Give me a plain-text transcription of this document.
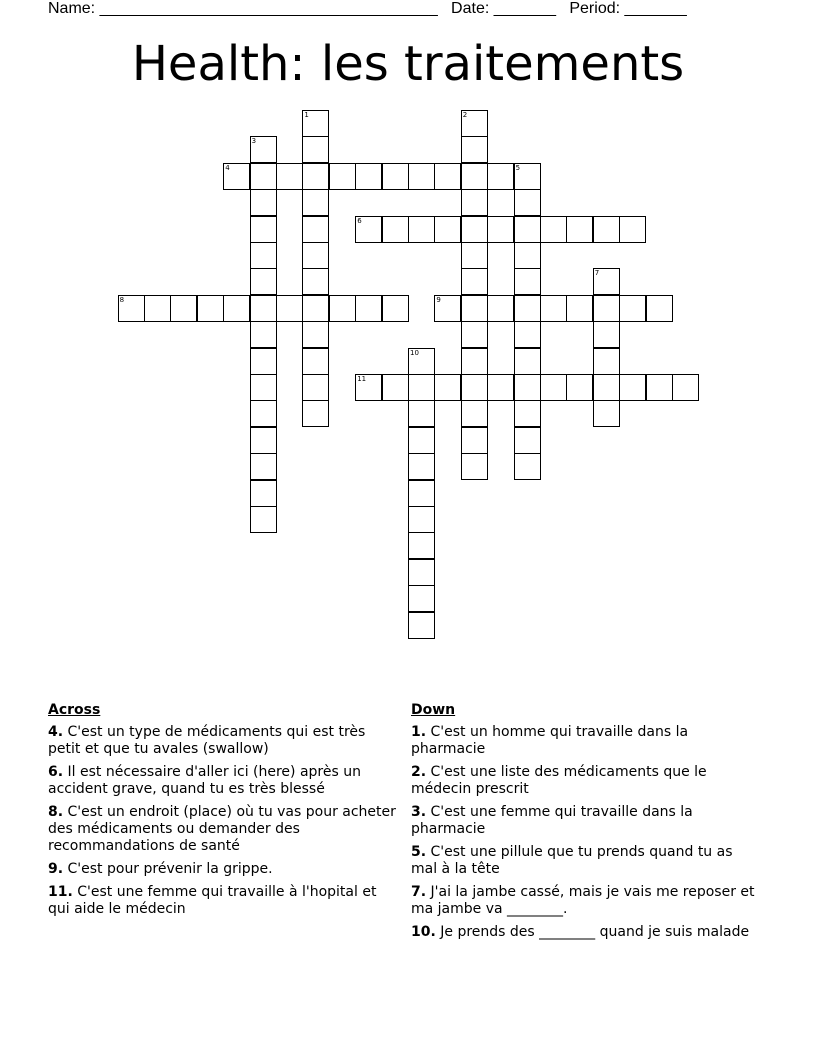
Name: ______________________________________   Date: _______   Period: _______
Health: les traitements
1	2
3
4	5
6
7
8	9
10
11
Across
4. C'est un type de médicaments qui est très petit et que tu avales (swallow)
6. Il est nécessaire d'aller ici (here) après un accident grave, quand tu es très blessé
8. C'est un endroit (place) où tu vas pour acheter des médicaments ou demander des recommandations de santé
9. C'est pour prévenir la grippe.
11. C'est une femme qui travaille à l'hopital et qui aide le médecin
Down
1. C'est un homme qui travaille dans la pharmacie
2. C'est une liste des médicaments que le médecin prescrit
3. C'est une femme qui travaille dans la pharmacie
5. C'est une pillule que tu prends quand tu as mal à la tête
7. J'ai la jambe cassé, mais je vais me reposer et ma jambe va ________.
10. Je prends des ________ quand je suis malade
